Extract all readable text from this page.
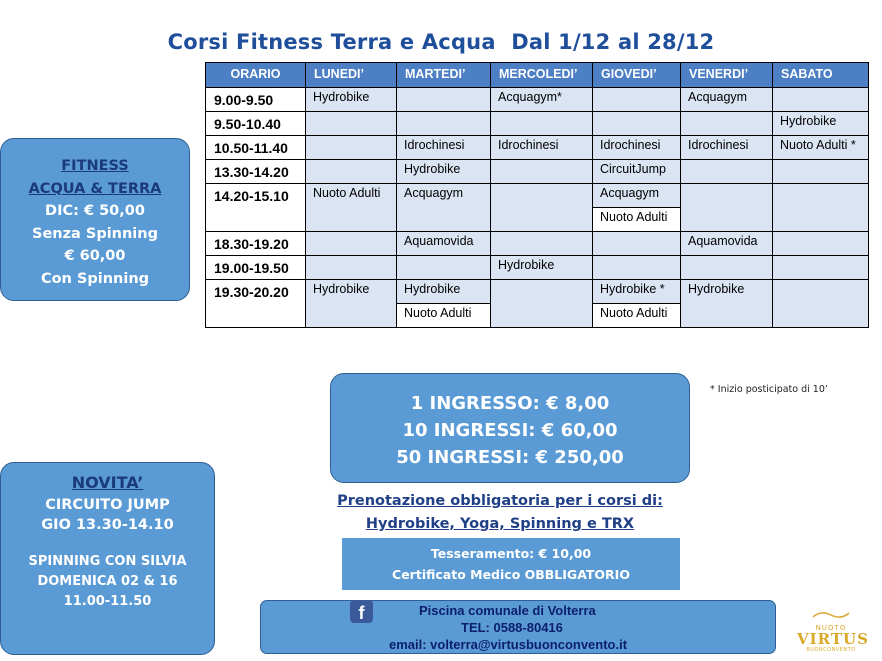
Corsi Fitness Terra e Acqua Dal 1/12 al 28/12
ORARIO	LUNEDI’	MARTEDI’	MERCOLEDI’	GIOVEDI’	VENERDI’	SABATO
9.00-9.50	Hydrobike		Acquagym*		Acquagym	
9.50-10.40						Hydrobike
10.50-11.40		Idrochinesi	Idrochinesi	Idrochinesi	Idrochinesi	Nuoto Adulti *
13.30-14.20		Hydrobike		CircuitJump		
14.20-15.10	Nuoto Adulti	Acquagym		Acquagym		
				Nuoto Adulti		
18.30-19.20		Aquamovida			Aquamovida	
19.00-19.50			Hydrobike			
19.30-20.20	Hydrobike	Hydrobike		Hydrobike *	Hydrobike	
		Nuoto Adulti		Nuoto Adulti		
FITNESS
ACQUA & TERRA
DIC: € 50,00
Senza Spinning
€ 60,00
Con Spinning
1 INGRESSO: € 8,00
10 INGRESSI: € 60,00
50 INGRESSI: € 250,00
* Inizio posticipato di 10’
NOVITA’
CIRCUITO JUMP
GIO 13.30-14.10
SPINNING CON SILVIA
DOMENICA 02 & 16
11.00-11.50
Prenotazione obbligatoria per i corsi di:
Hydrobike, Yoga, Spinning e TRX
Tesseramento: € 10,00
Certificato Medico OBBLIGATORIO
f	Piscina comunale di Volterra
TEL: 0588-80416
email: volterra@virtusbuonconvento.it
NUOTO
VIRTUS
BUONCONVENTO
